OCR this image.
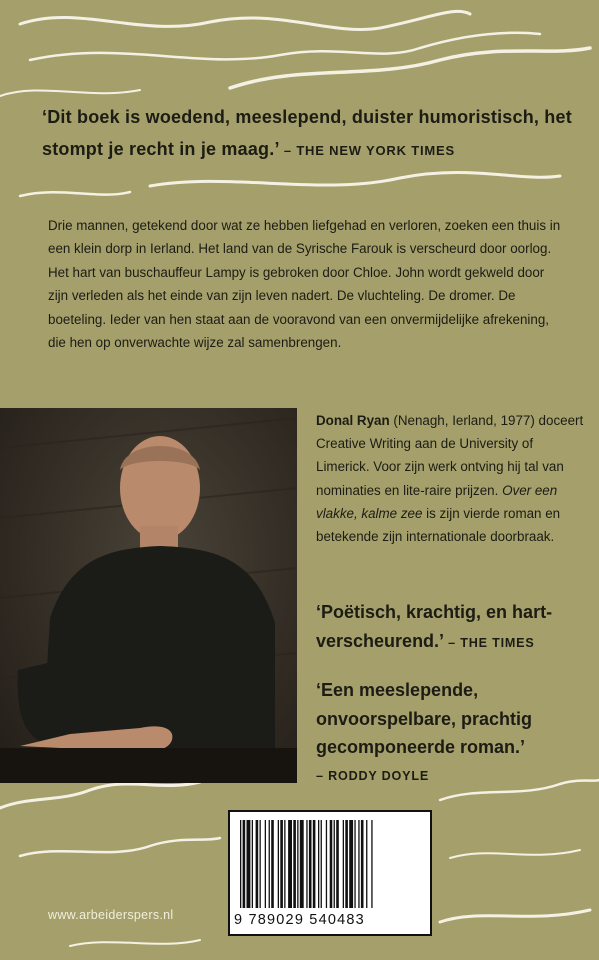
‘Dit boek is woedend, meeslepend, duister humoristisch, het stompt je recht in je maag.’ – THE NEW YORK TIMES

Drie mannen, getekend door wat ze hebben liefgehad en verloren, zoeken een thuis in een klein dorp in Ierland. Het land van de Syrische Farouk is verscheurd door oorlog. Het hart van buschauffeur Lampy is gebroken door Chloe. John wordt gekweld door zijn verleden als het einde van zijn leven nadert. De vluchteling. De dromer. De boeteling. Ieder van hen staat aan de vooravond van een onvermijdelijke afrekening, die hen op onverwachte wijze zal samenbrengen.

Donal Ryan (Nenagh, Ierland, 1977) doceert Creative Writing aan de University of Limerick. Voor zijn werk ontving hij tal van nominaties en lite-raire prijzen. Over een vlakke, kalme zee is zijn vierde roman en betekende zijn internationale doorbraak.

‘Poëtisch, krachtig, en hart-verscheurend.’ – THE TIMES

‘Een meeslepende, onvoorspelbare, prachtig gecomponeerde roman.’
– RODDY DOYLE

9 789029 540483
www.arbeiderspers.nl
